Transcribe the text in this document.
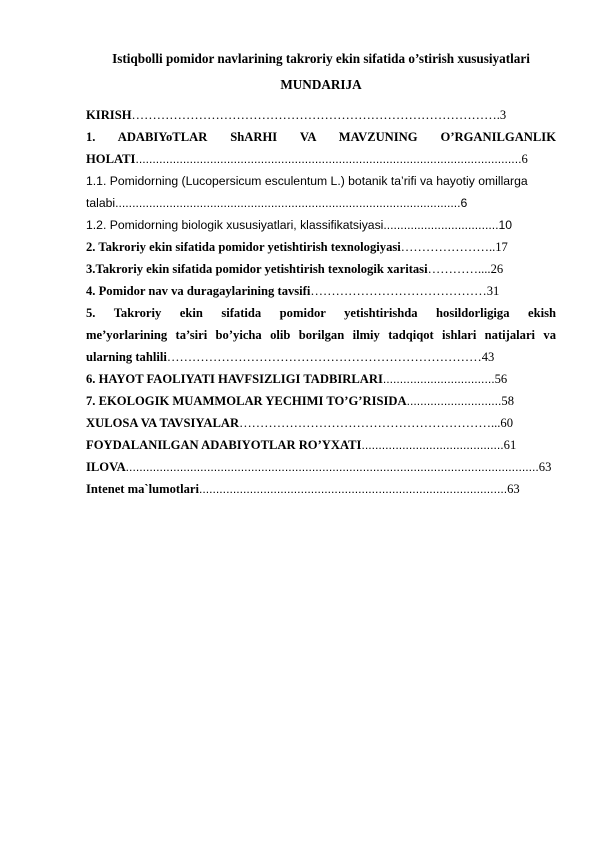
Istiqbolli pomidor navlarining takroriy ekin sifatida o’stirish xususiyatlari
MUNDARIJA
KIRISH…………………………………………………………………………….3
1. ADABIYoTLAR ShARHI VA MAVZUNING O’RGANILGANLIK
HOLATI..................................................................................................................6
1.1. Pomidorning (Lucopersicum esculentum L.) botanik ta’rifi va hayotiy omillarga
talabi......................................................................................................6
1.2. Pomidorning biologik xususiyatlari, klassifikatsiyasi..................................10
2. Takroriy ekin sifatida pomidor yetishtirish texnologiyasi…………………..17
3.Takroriy ekin sifatida pomidor yetishtirish texnologik xaritasi…………....26
4. Pomidor nav va duragaylarining tavsifi……………………………………31
5. Takroriy ekin sifatida pomidor yetishtirishda hosildorligiga ekish
me’yorlarining ta’siri bo’yicha olib borilgan ilmiy tadqiqot ishlari natijalari va
ularning tahlili…………………………………………………………………43
6. HAYOT FAOLIYATI HAVFSIZLIGI TADBIRLARI.................................56
7. EKOLOGIK MUAMMOLAR YECHIMI TO’G’RISIDA............................58
XULOSA VA TAVSIYALAR……………………………………………………...60
FOYDALANILGAN ADABIYOTLAR RO’YXATI..........................................61
ILOVA..........................................................................................................................63
Intenet ma`lumotlari...........................................................................................63
